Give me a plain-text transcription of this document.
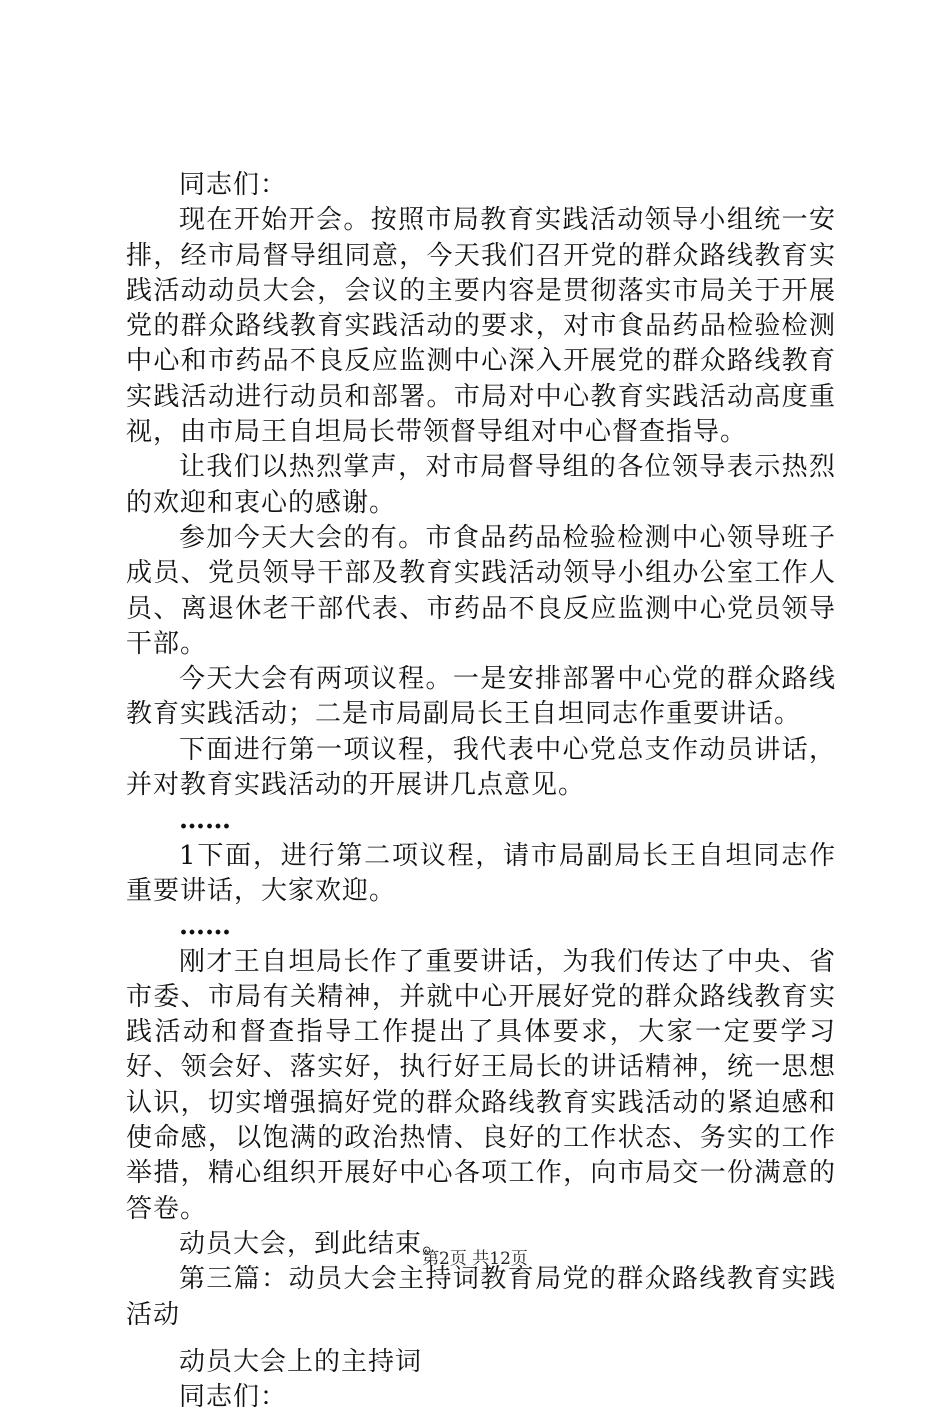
同志们：

现在开始开会。按照市局教育实践活动领导小组统一安排，经市局督导组同意，今天我们召开党的群众路线教育实践活动动员大会，会议的主要内容是贯彻落实市局关于开展党的群众路线教育实践活动的要求，对市食品药品检验检测中心和市药品不良反应监测中心深入开展党的群众路线教育实践活动进行动员和部署。市局对中心教育实践活动高度重视，由市局王自坦局长带领督导组对中心督查指导。

让我们以热烈掌声，对市局督导组的各位领导表示热烈的欢迎和衷心的感谢。

参加今天大会的有。市食品药品检验检测中心领导班子成员、党员领导干部及教育实践活动领导小组办公室工作人员、离退休老干部代表、市药品不良反应监测中心党员领导干部。

今天大会有两项议程。一是安排部署中心党的群众路线教育实践活动；二是市局副局长王自坦同志作重要讲话。

下面进行第一项议程，我代表中心党总支作动员讲话，并对教育实践活动的开展讲几点意见。

……

1下面，进行第二项议程，请市局副局长王自坦同志作重要讲话，大家欢迎。

……

刚才王自坦局长作了重要讲话，为我们传达了中央、省市委、市局有关精神，并就中心开展好党的群众路线教育实践活动和督查指导工作提出了具体要求，大家一定要学习好、领会好、落实好，执行好王局长的讲话精神，统一思想认识，切实增强搞好党的群众路线教育实践活动的紧迫感和使命感，以饱满的政治热情、良好的工作状态、务实的工作举措，精心组织开展好中心各项工作，向市局交一份满意的答卷。

动员大会，到此结束。

第三篇：动员大会主持词教育局党的群众路线教育实践活动

动员大会上的主持词

同志们：

第2页 共12页
